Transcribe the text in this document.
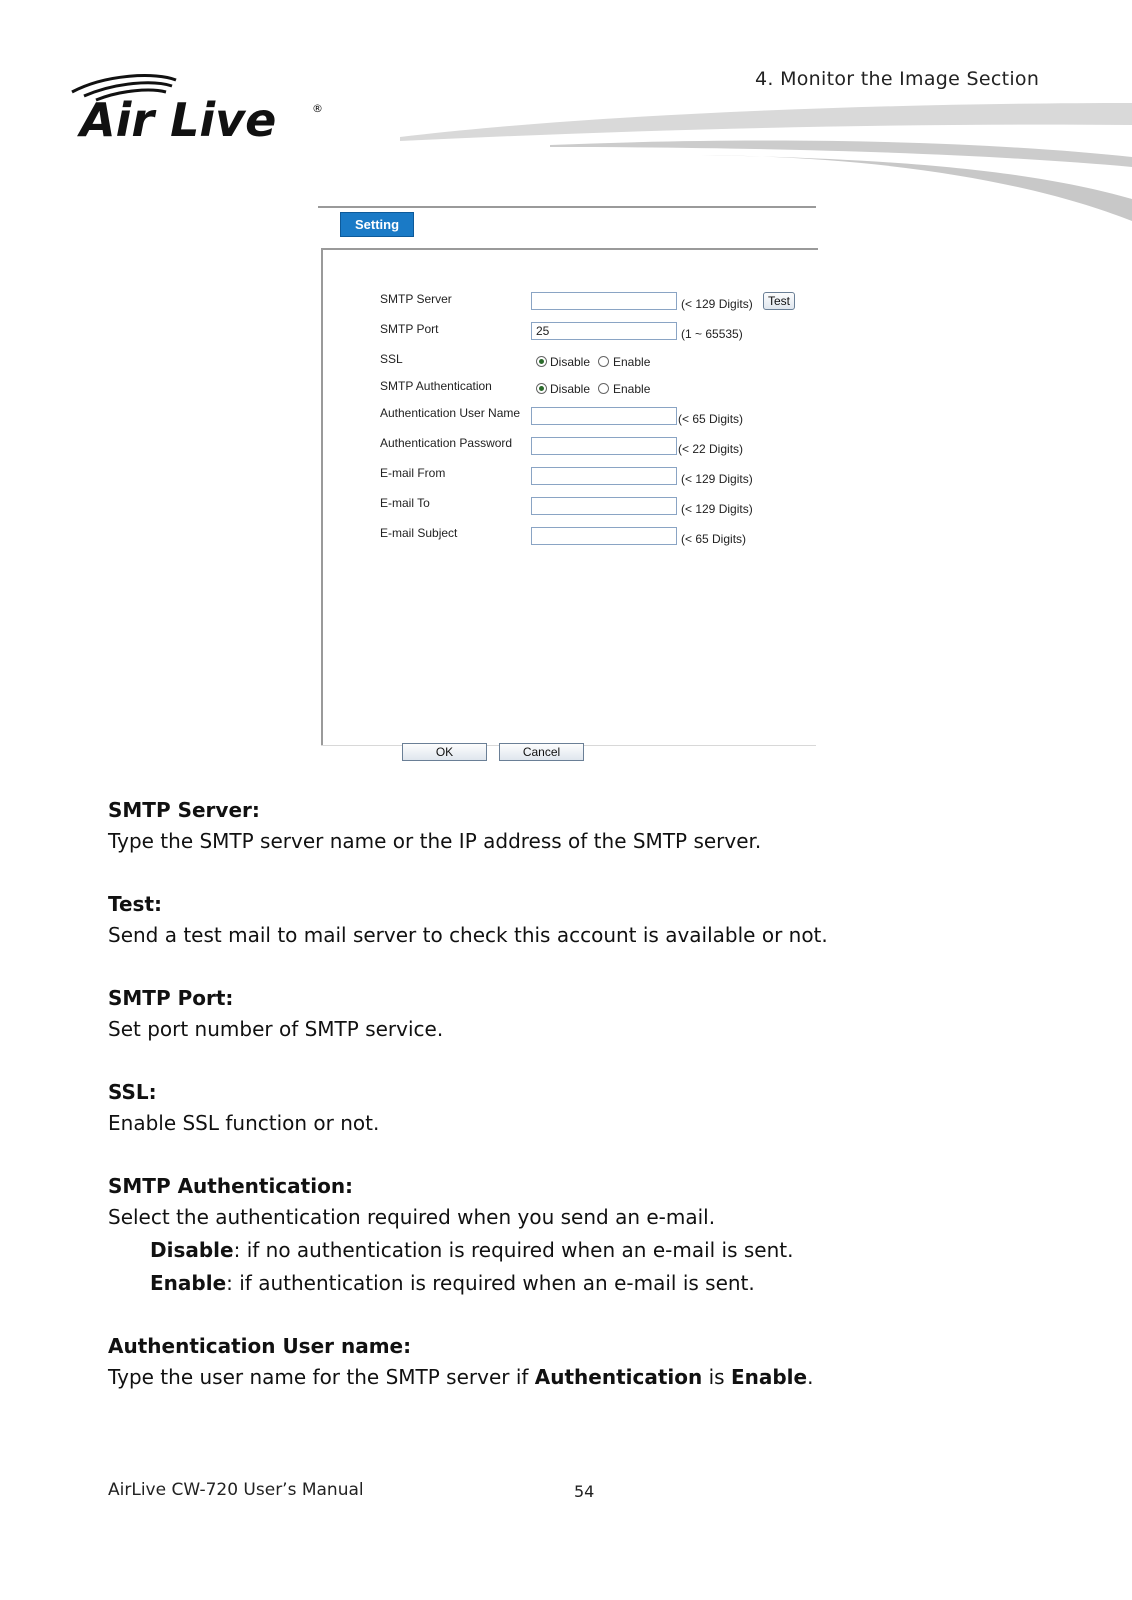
4. Monitor the Image Section
Air Live	®
Setting
SMTP Server	(< 129 Digits)	Test
SMTP Port	25	(1 ~ 65535)
SSL	Disable Enable
SMTP Authentication	Disable Enable
Authentication User Name	(< 65 Digits)
Authentication Password	(< 22 Digits)
E-mail From	(< 129 Digits)
E-mail To	(< 129 Digits)
E-mail Subject	(< 65 Digits)
OK	Cancel

SMTP Server:

Type the SMTP server name or the IP address of the SMTP server.

Test:

Send a test mail to mail server to check this account is available or not.

SMTP Port:

Set port number of SMTP service.

SSL:

Enable SSL function or not.

SMTP Authentication:

Select the authentication required when you send an e-mail.

Disable: if no authentication is required when an e-mail is sent.

Enable: if authentication is required when an e-mail is sent.

Authentication User name:

Type the user name for the SMTP server if Authentication is Enable.

AirLive CW-720 User’s Manual	54
